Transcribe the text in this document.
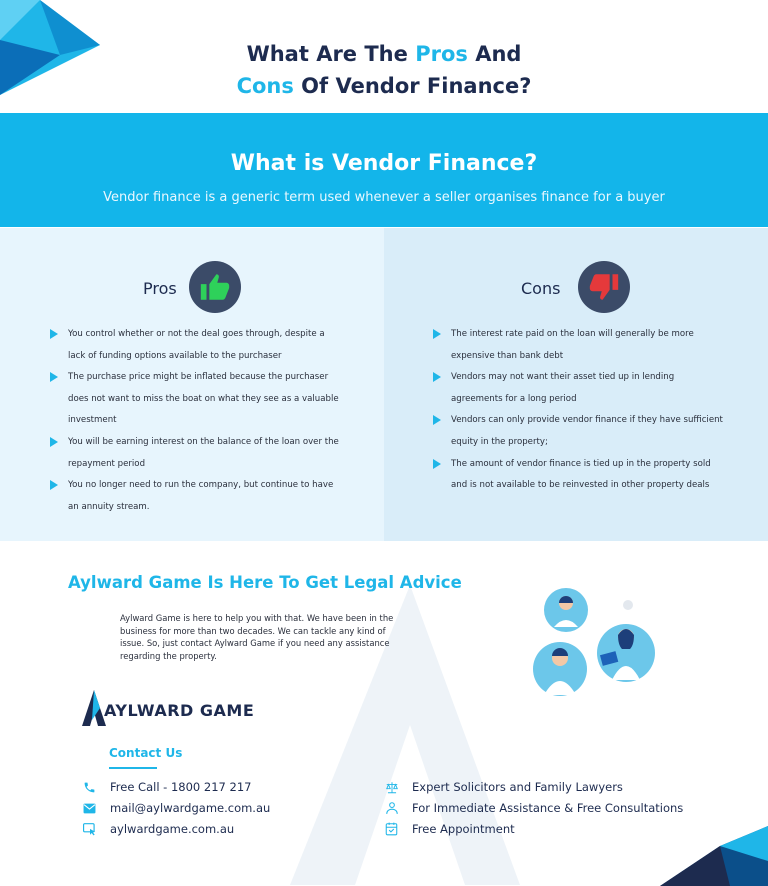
What Are The Pros And
Cons Of Vendor Finance?
What is Vendor Finance?
Vendor finance is a generic term used whenever a seller organises finance for a buyer
Pros
You control whether or not the deal goes through, despite a lack of funding options available to the purchaser
The purchase price might be inflated because the purchaser does not want to miss the boat on what they see as a valuable investment
You will be earning interest on the balance of the loan over the repayment period
You no longer need to run the company, but continue to have an annuity stream.
Cons
The interest rate paid on the loan will generally be more expensive than bank debt
Vendors may not want their asset tied up in lending agreements for a long period
Vendors can only provide vendor finance if they have sufficient equity in the property;
The amount of vendor finance is tied up in the property sold and is not available to be reinvested in other property deals
Aylward Game Is Here To Get Legal Advice
Aylward Game is here to help you with that. We have been in the business for more than two decades. We can tackle any kind of issue. So, just contact Aylward Game if you need any assistance regarding the property.
AYLWARD GAME
Contact Us
Free Call - 1800 217 217
mail@aylwardgame.com.au
aylwardgame.com.au
Expert Solicitors and Family Lawyers
For Immediate Assistance & Free Consultations
Free Appointment
